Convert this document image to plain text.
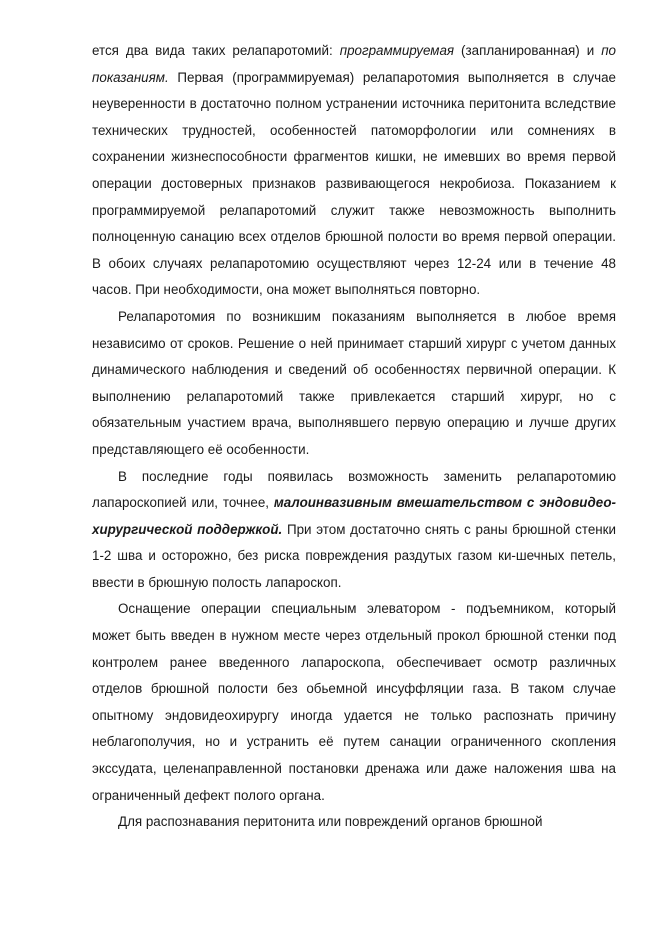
ется два вида таких релапаротомий: программируемая (запланированная) и по показаниям. Первая (программируемая) релапаротомия выполняется в случае неуверенности в достаточно полном устранении источника перитонита вследствие технических трудностей, особенностей патоморфологии или сомнениях в сохранении жизнеспособности фрагментов кишки, не имевших во время первой операции достоверных признаков развивающегося некробиоза. Показанием к программируемой релапаротомий служит также невозможность выполнить полноценную санацию всех отделов брюшной полости во время первой операции. В обоих случаях релапаротомию осуществляют через 12-24 или в течение 48 часов. При необходимости, она может выполняться повторно.

Релапаротомия по возникшим показаниям выполняется в любое время независимо от сроков. Решение о ней принимает старший хирург с учетом данных динамического наблюдения и сведений об особенностях первичной операции. К выполнению релапаротомий также привлекается старший хирург, но с обязательным участием врача, выполнявшего первую операцию и лучше других представляющего её особенности.

В последние годы появилась возможность заменить релапаротомию лапароскопией или, точнее, малоинвазивным вмешательством с эндовидео-хирургической поддержкой. При этом достаточно снять с раны брюшной стенки 1-2 шва и осторожно, без риска повреждения раздутых газом ки-шечных петель, ввести в брюшную полость лапароскоп.

Оснащение операции специальным элеватором - подъемником, который может быть введен в нужном месте через отдельный прокол брюшной стенки под контролем ранее введенного лапароскопа, обеспечивает осмотр различных отделов брюшной полости без обьемной инсуффляции газа. В таком случае опытному эндовидеохирургу иногда удается не только распознать причину неблагополучия, но и устранить её путем санации ограниченного скопления экссудата, целенаправленной постановки дренажа или даже наложения шва на ограниченный дефект полого органа.

Для распознавания перитонита или повреждений органов брюшной
